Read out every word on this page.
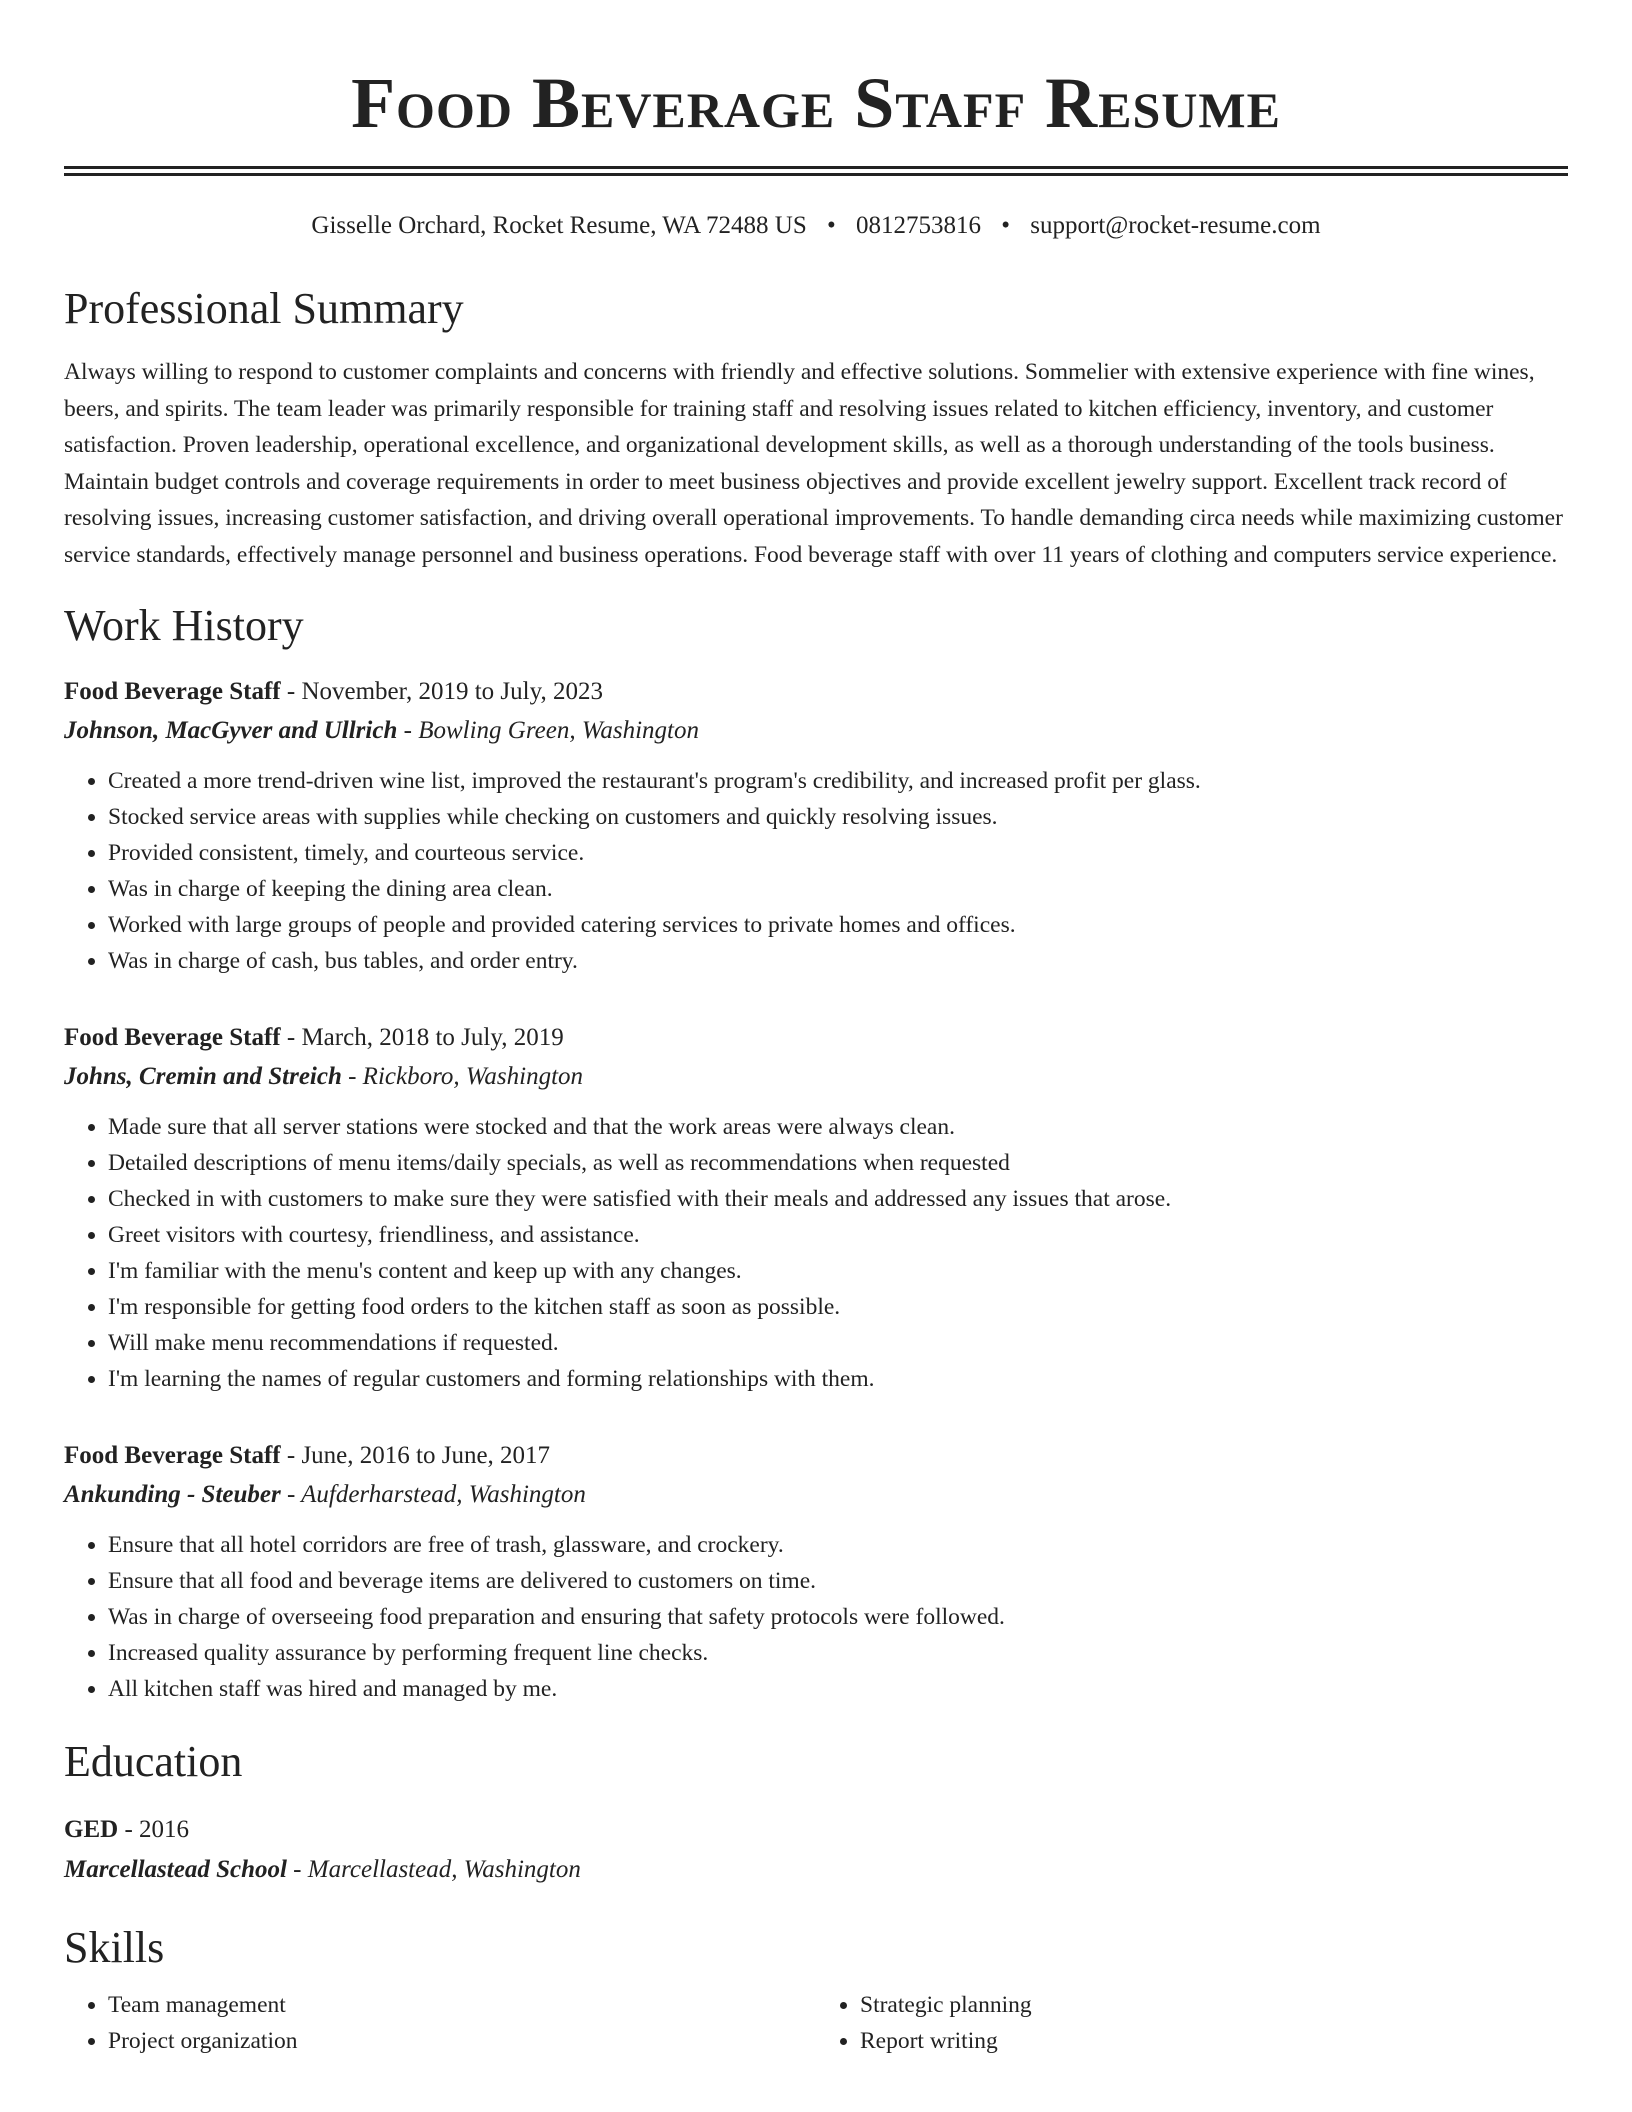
Food Beverage Staff Resume
Gisselle Orchard, Rocket Resume, WA 72488 US • 0812753816 • support@rocket-resume.com
Professional Summary

Always willing to respond to customer complaints and concerns with friendly and effective solutions. Sommelier with extensive experience with fine wines, beers, and spirits. The team leader was primarily responsible for training staff and resolving issues related to kitchen efficiency, inventory, and customer satisfaction. Proven leadership, operational excellence, and organizational development skills, as well as a thorough understanding of the tools business. Maintain budget controls and coverage requirements in order to meet business objectives and provide excellent jewelry support. Excellent track record of resolving issues, increasing customer satisfaction, and driving overall operational improvements. To handle demanding circa needs while maximizing customer service standards, effectively manage personnel and business operations. Food beverage staff with over 11 years of clothing and computers service experience.

Work History
Food Beverage Staff - November, 2019 to July, 2023
Johnson, MacGyver and Ullrich - Bowling Green, Washington
• Created a more trend-driven wine list, improved the restaurant's program's credibility, and increased profit per glass.
• Stocked service areas with supplies while checking on customers and quickly resolving issues.
• Provided consistent, timely, and courteous service.
• Was in charge of keeping the dining area clean.
• Worked with large groups of people and provided catering services to private homes and offices.
• Was in charge of cash, bus tables, and order entry.
Food Beverage Staff - March, 2018 to July, 2019
Johns, Cremin and Streich - Rickboro, Washington
• Made sure that all server stations were stocked and that the work areas were always clean.
• Detailed descriptions of menu items/daily specials, as well as recommendations when requested
• Checked in with customers to make sure they were satisfied with their meals and addressed any issues that arose.
• Greet visitors with courtesy, friendliness, and assistance.
• I'm familiar with the menu's content and keep up with any changes.
• I'm responsible for getting food orders to the kitchen staff as soon as possible.
• Will make menu recommendations if requested.
• I'm learning the names of regular customers and forming relationships with them.
Food Beverage Staff - June, 2016 to June, 2017
Ankunding - Steuber - Aufderharstead, Washington
• Ensure that all hotel corridors are free of trash, glassware, and crockery.
• Ensure that all food and beverage items are delivered to customers on time.
• Was in charge of overseeing food preparation and ensuring that safety protocols were followed.
• Increased quality assurance by performing frequent line checks.
• All kitchen staff was hired and managed by me.
Education
GED - 2016
Marcellastead School - Marcellastead, Washington
Skills
• Team management
• Project organization
• Strategic planning
• Report writing
